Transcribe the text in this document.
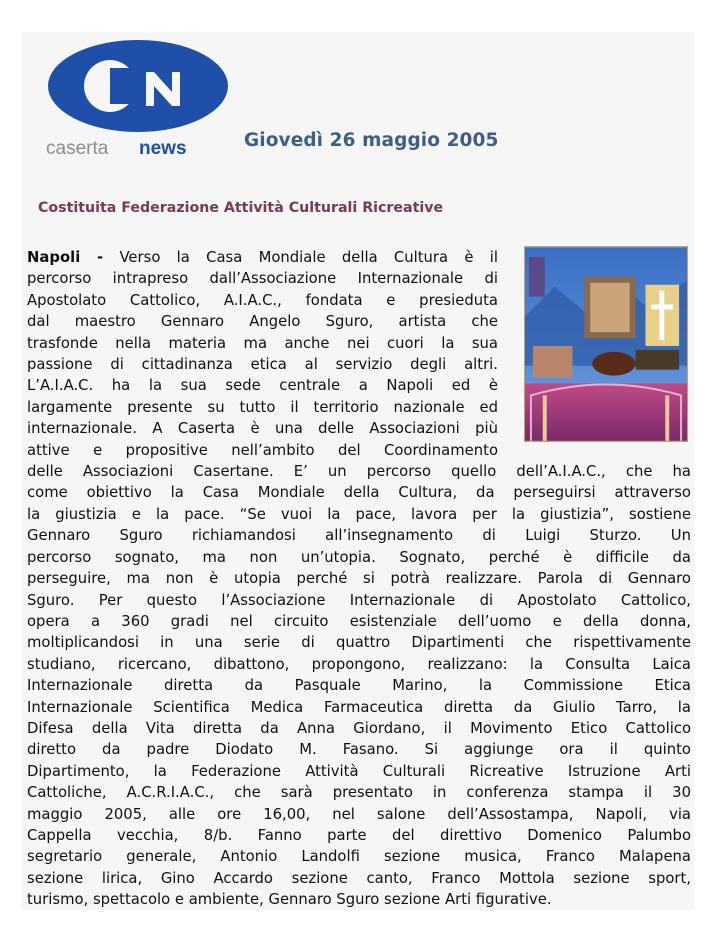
caserta news	Giovedì 26 maggio 2005
Costituita Federazione Attività Culturali Ricreative
Napoli - Verso la Casa Mondiale della Cultura è il
percorso intrapreso dall’Associazione Internazionale di
Apostolato Cattolico, A.I.A.C., fondata e presieduta
dal maestro Gennaro Angelo Sguro, artista che
trasfonde nella materia ma anche nei cuori la sua
passione di cittadinanza etica al servizio degli altri.
L’A.I.A.C. ha la sua sede centrale a Napoli ed è
largamente presente su tutto il territorio nazionale ed
internazionale. A Caserta è una delle Associazioni più
attive e propositive nell’ambito del Coordinamento
delle Associazioni Casertane. E’ un percorso quello dell’A.I.A.C., che ha
come obiettivo la Casa Mondiale della Cultura, da perseguirsi attraverso
la giustizia e la pace. “Se vuoi la pace, lavora per la giustizia”, sostiene
Gennaro Sguro richiamandosi all’insegnamento di Luigi Sturzo. Un
percorso sognato, ma non un’utopia. Sognato, perché è difficile da
perseguire, ma non è utopia perché si potrà realizzare. Parola di Gennaro
Sguro. Per questo l’Associazione Internazionale di Apostolato Cattolico,
opera a 360 gradi nel circuito esistenziale dell’uomo e della donna,
moltiplicandosi in una serie di quattro Dipartimenti che rispettivamente
studiano, ricercano, dibattono, propongono, realizzano: la Consulta Laica
Internazionale diretta da Pasquale Marino, la Commissione Etica
Internazionale Scientifica Medica Farmaceutica diretta da Giulio Tarro, la
Difesa della Vita diretta da Anna Giordano, il Movimento Etico Cattolico
diretto da padre Diodato M. Fasano. Si aggiunge ora il quinto
Dipartimento, la Federazione Attività Culturali Ricreative Istruzione Arti
Cattoliche, A.C.R.I.A.C., che sarà presentato in conferenza stampa il 30
maggio 2005, alle ore 16,00, nel salone dell’Assostampa, Napoli, via
Cappella vecchia, 8/b. Fanno parte del direttivo Domenico Palumbo
segretario generale, Antonio Landolfi sezione musica, Franco Malapena
sezione lirica, Gino Accardo sezione canto, Franco Mottola sezione sport,
turismo, spettacolo e ambiente, Gennaro Sguro sezione Arti figurative.
